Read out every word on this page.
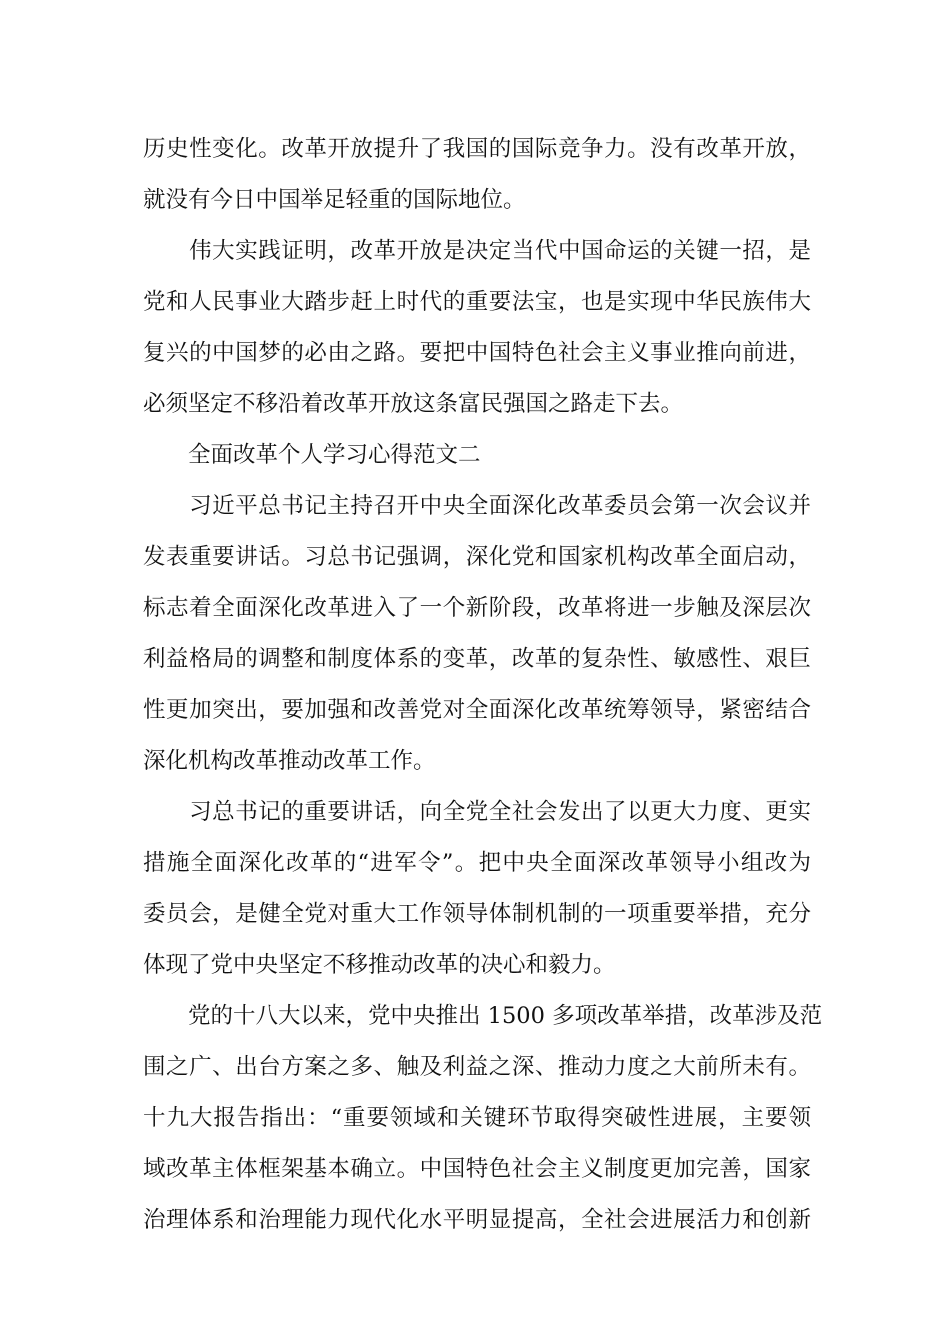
历史性变化。改革开放提升了我国的国际竞争力。没有改革开放，
就没有今日中国举足轻重的国际地位。

　　伟大实践证明，改革开放是决定当代中国命运的关键一招，是
党和人民事业大踏步赶上时代的重要法宝，也是实现中华民族伟大
复兴的中国梦的必由之路。要把中国特色社会主义事业推向前进，
必须坚定不移沿着改革开放这条富民强国之路走下去。

　　全面改革个人学习心得范文二

　　习近平总书记主持召开中央全面深化改革委员会第一次会议并
发表重要讲话。习总书记强调，深化党和国家机构改革全面启动，
标志着全面深化改革进入了一个新阶段，改革将进一步触及深层次
利益格局的调整和制度体系的变革，改革的复杂性、敏感性、艰巨
性更加突出，要加强和改善党对全面深化改革统筹领导，紧密结合
深化机构改革推动改革工作。

　　习总书记的重要讲话，向全党全社会发出了以更大力度、更实
措施全面深化改革的“进军令”。把中央全面深改革领导小组改为
委员会，是健全党对重大工作领导体制机制的一项重要举措，充分
体现了党中央坚定不移推动改革的决心和毅力。

　　党的十八大以来，党中央推出 1500 多项改革举措，改革涉及范
围之广、出台方案之多、触及利益之深、推动力度之大前所未有。
十九大报告指出：“重要领域和关键环节取得突破性进展，主要领
域改革主体框架基本确立。中国特色社会主义制度更加完善，国家
治理体系和治理能力现代化水平明显提高，全社会进展活力和创新
